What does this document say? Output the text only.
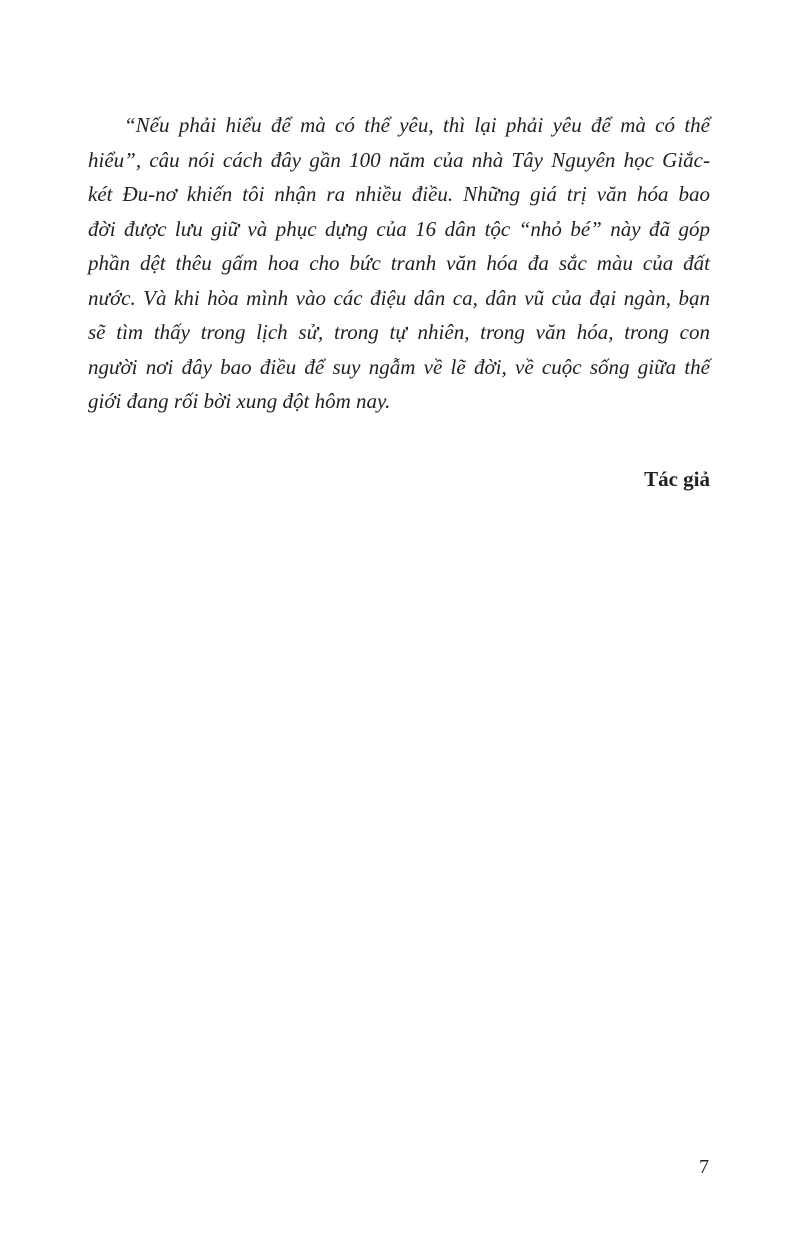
“Nếu phải hiểu để mà có thể yêu, thì lại phải yêu để mà có thể
hiểu”, câu nói cách đây gần 100 năm của nhà Tây Nguyên học Giắc-
két Đu-nơ khiến tôi nhận ra nhiều điều. Những giá trị văn hóa bao
đời được lưu giữ và phục dựng của 16 dân tộc “nhỏ bé” này đã góp
phần dệt thêu gấm hoa cho bức tranh văn hóa đa sắc màu của đất
nước. Và khi hòa mình vào các điệu dân ca, dân vũ của đại ngàn, bạn
sẽ tìm thấy trong lịch sử, trong tự nhiên, trong văn hóa, trong con
người nơi đây bao điều để suy ngẫm về lẽ đời, về cuộc sống giữa thế
giới đang rối bời xung đột hôm nay.

Tác giả

7
